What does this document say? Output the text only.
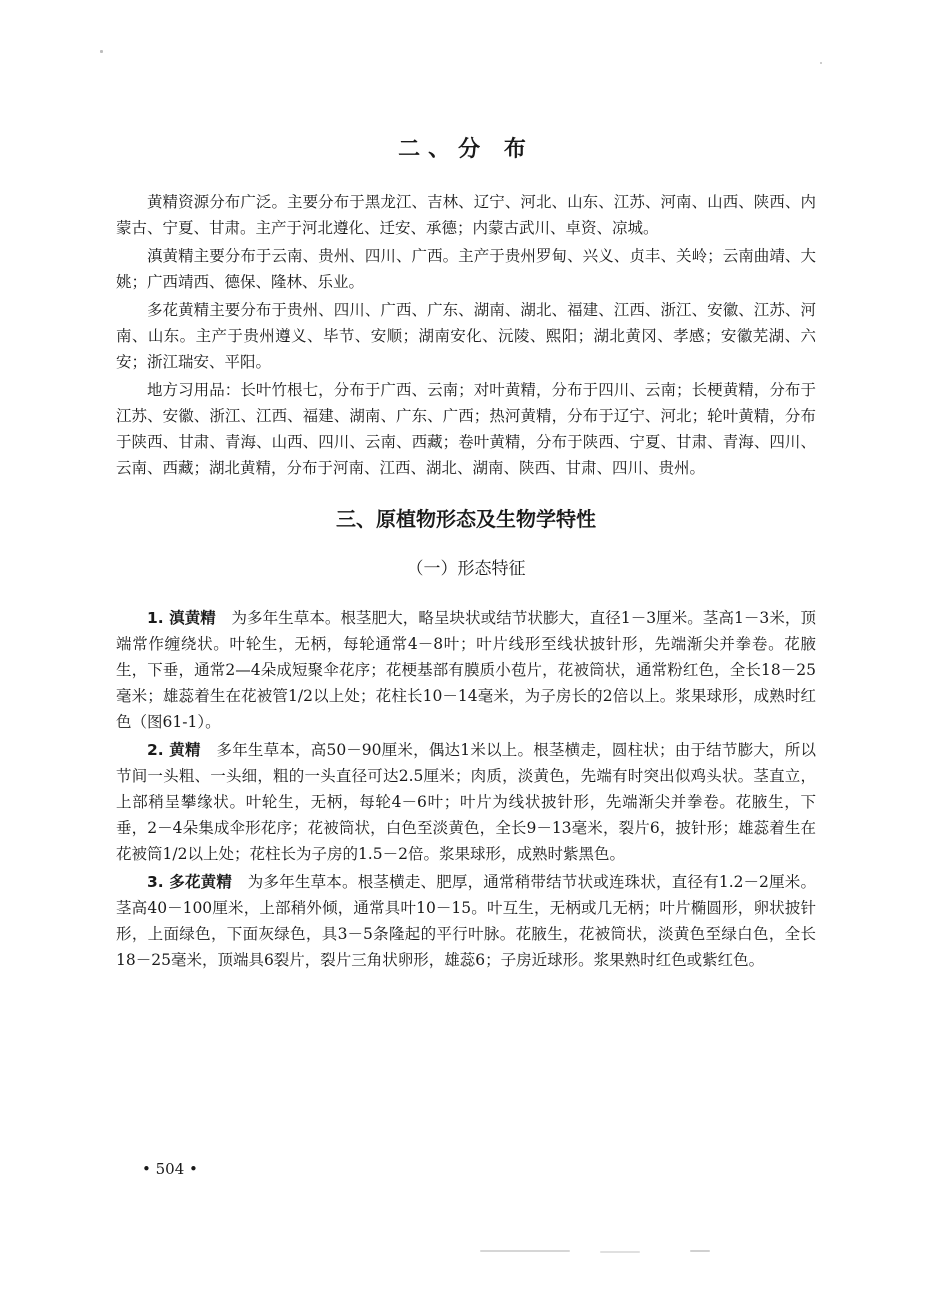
二、分 布

黄精资源分布广泛。主要分布于黑龙江、吉林、辽宁、河北、山东、江苏、河南、山西、陕西、内蒙古、宁夏、甘肃。主产于河北遵化、迁安、承德；内蒙古武川、卓资、凉城。

滇黄精主要分布于云南、贵州、四川、广西。主产于贵州罗甸、兴义、贞丰、关岭；云南曲靖、大姚；广西靖西、德保、隆林、乐业。

多花黄精主要分布于贵州、四川、广西、广东、湖南、湖北、福建、江西、浙江、安徽、江苏、河南、山东。主产于贵州遵义、毕节、安顺；湖南安化、沅陵、熙阳；湖北黄冈、孝感；安徽芜湖、六安；浙江瑞安、平阳。

地方习用品：长叶竹根七，分布于广西、云南；对叶黄精，分布于四川、云南；长梗黄精，分布于江苏、安徽、浙江、江西、福建、湖南、广东、广西；热河黄精，分布于辽宁、河北；轮叶黄精，分布于陕西、甘肃、青海、山西、四川、云南、西藏；卷叶黄精，分布于陕西、宁夏、甘肃、青海、四川、云南、西藏；湖北黄精，分布于河南、江西、湖北、湖南、陕西、甘肃、四川、贵州。

三、原植物形态及生物学特性
（一）形态特征

1. 滇黄精　 为多年生草本。根茎肥大，略呈块状或结节状膨大，直径1－3厘米。茎高1－3米，顶端常作缠绕状。叶轮生，无柄，每轮通常4－8叶；叶片线形至线状披针形，先端渐尖并拳卷。花腋生，下垂，通常2—4朵成短聚伞花序；花梗基部有膜质小苞片，花被筒状，通常粉红色，全长18－25毫米；雄蕊着生在花被管1/2以上处；花柱长10－14毫米，为子房长的2倍以上。浆果球形，成熟时红色（图61-1）。

2. 黄精　 多年生草本，高50－90厘米，偶达1米以上。根茎横走，圆柱状；由于结节膨大，所以节间一头粗、一头细，粗的一头直径可达2.5厘米；肉质，淡黄色，先端有时突出似鸡头状。茎直立，上部稍呈攀缘状。叶轮生，无柄，每轮4－6叶；叶片为线状披针形，先端渐尖并拳卷。花腋生，下垂，2－4朵集成伞形花序；花被筒状，白色至淡黄色，全长9－13毫米，裂片6，披针形；雄蕊着生在花被筒1/2以上处；花柱长为子房的1.5－2倍。浆果球形，成熟时紫黑色。

3. 多花黄精　 为多年生草本。根茎横走、肥厚，通常稍带结节状或连珠状，直径有1.2－2厘米。茎高40－100厘米，上部稍外倾，通常具叶10－15。叶互生，无柄或几无柄；叶片椭圆形，卵状披针形，上面绿色，下面灰绿色，具3－5条隆起的平行叶脉。花腋生，花被筒状，淡黄色至绿白色，全长18－25毫米，顶端具6裂片，裂片三角状卵形，雄蕊6；子房近球形。浆果熟时红色或紫红色。

• 504 •
